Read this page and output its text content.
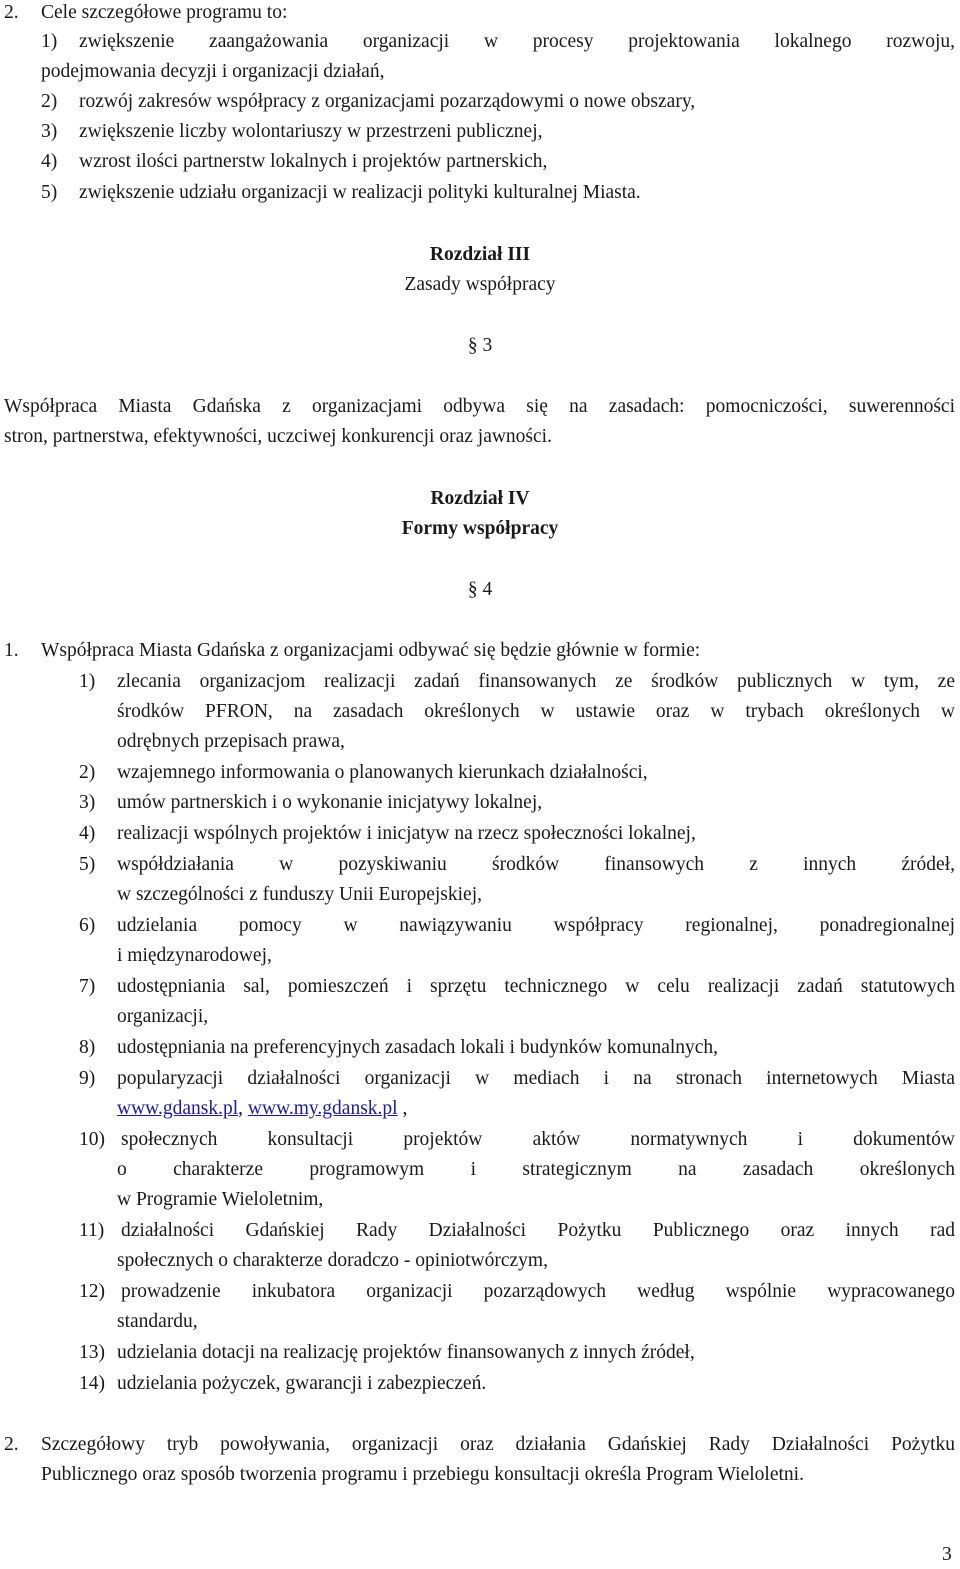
2. Cele szczegółowe programu to:
1) zwiększenie zaangażowania organizacji w procesy projektowania lokalnego rozwoju,
podejmowania decyzji i organizacji działań,
2) rozwój zakresów współpracy z organizacjami pozarządowymi o nowe obszary,
3) zwiększenie liczby wolontariuszy w przestrzeni publicznej,
4) wzrost ilości partnerstw lokalnych i projektów partnerskich,
5) zwiększenie udziału organizacji w realizacji polityki kulturalnej Miasta.
Rozdział III
Zasady współpracy
§ 3
Współpraca Miasta Gdańska z organizacjami odbywa się na zasadach: pomocniczości, suwerenności
stron, partnerstwa, efektywności, uczciwej konkurencji oraz jawności.
Rozdział IV
Formy współpracy
§ 4
1. Współpraca Miasta Gdańska z organizacjami odbywać się będzie głównie w formie:
1) zlecania organizacjom realizacji zadań finansowanych ze środków publicznych w tym, ze
środków PFRON, na zasadach określonych w ustawie oraz w trybach określonych w
odrębnych przepisach prawa,
2) wzajemnego informowania o planowanych kierunkach działalności,
3) umów partnerskich i o wykonanie inicjatywy lokalnej,
4) realizacji wspólnych projektów i inicjatyw na rzecz społeczności lokalnej,
5) współdziałania w pozyskiwaniu środków finansowych z innych źródeł,
w szczególności z funduszy Unii Europejskiej,
6) udzielania pomocy w nawiązywaniu współpracy regionalnej, ponadregionalnej
i międzynarodowej,
7) udostępniania sal, pomieszczeń i sprzętu technicznego w celu realizacji zadań statutowych
organizacji,
8) udostępniania na preferencyjnych zasadach lokali i budynków komunalnych,
9) popularyzacji działalności organizacji w mediach i na stronach internetowych Miasta
www.gdansk.pl, www.my.gdansk.pl ,
10) społecznych konsultacji projektów aktów normatywnych i dokumentów
o charakterze programowym i strategicznym na zasadach określonych
w Programie Wieloletnim,
11) działalności Gdańskiej Rady Działalności Pożytku Publicznego oraz innych rad
społecznych o charakterze doradczo - opiniotwórczym,
12) prowadzenie inkubatora organizacji pozarządowych według wspólnie wypracowanego
standardu,
13) udzielania dotacji na realizację projektów finansowanych z innych źródeł,
14) udzielania pożyczek, gwarancji i zabezpieczeń.
2. Szczegółowy tryb powoływania, organizacji oraz działania Gdańskiej Rady Działalności Pożytku
Publicznego oraz sposób tworzenia programu i przebiegu konsultacji określa Program Wieloletni.
3
